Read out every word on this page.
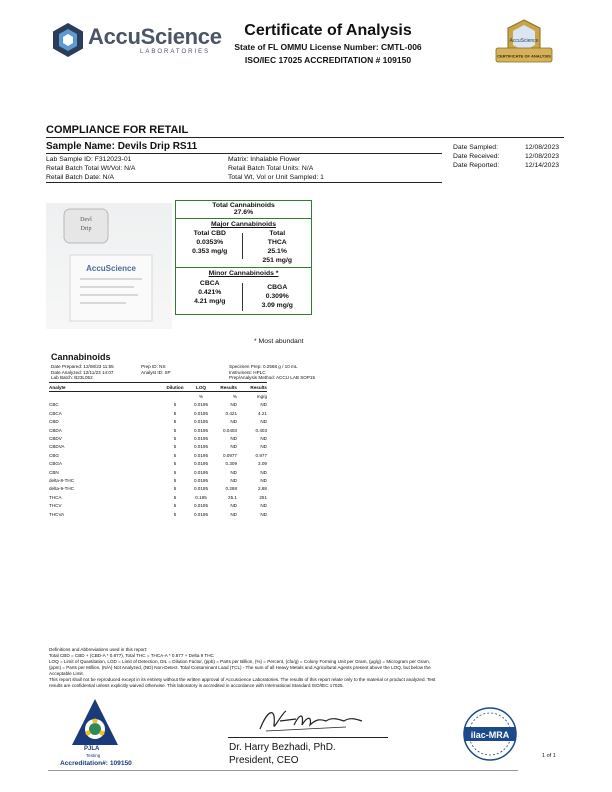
AccuScience
LABORATORIES
Certificate of Analysis
State of FL OMMU License Number: CMTL-006
ISO/IEC 17025 ACCREDITATION # 109150
AccuScience
CERTIFICATE OF ANALYSIS
COMPLIANCE FOR RETAIL
Sample Name: Devils Drip RS11
Lab Sample ID: F312023-01
Retail Batch Total Wt/Vol: N/A
Retail Batch Date: N/A
Matrix: Inhalable Flower
Retail Batch Total Units: N/A
Total Wt, Vol or Unit Sampled: 1
Date Sampled:	12/08/2023
Date Received:	12/08/2023
Date Reported:	12/14/2023
Devl
Drip
AccuScience
Total Cannabinoids
27.6%
Major Cannabinoids
Total CBD
0.0353%
0.353 mg/g
Total
THCA
25.1%
251 mg/g
Minor Cannabinoids *
CBCA
0.421%
4.21 mg/g
CBGA
0.309%
3.09 mg/g
* Most abundant
Cannabinoids
Date Prepared: 12/08/23 11:55
Date Analyzed: 12/11/23 14:07
Lab Batch: B23L052
Prep ID: NS
Analyst ID: SP
Specimen Prep: 0.2568 g / 10 mL
Instrument: HPLC
Prep/Analysis Method: ACCU LAB SOP15
Analyte	Dilution	LOQ	Results	Results
		%	%	mg/g
CBC	5	0.0195	ND	ND
CBCA	5	0.0195	0.421	4.21
CBD	5	0.0195	ND	ND
CBDA	5	0.0195	0.0403	0.403
CBDV	5	0.0195	ND	ND
CBDVA	5	0.0195	ND	ND
CBG	5	0.0195	0.0977	0.977
CBGA	5	0.0195	0.309	3.09
CBN	5	0.0195	ND	ND
delta-8-THC	5	0.0195	ND	ND
delta-9-THC	5	0.0195	0.288	2.88
THCA	5	0.195	25.1	251
THCV	5	0.0195	ND	ND
THCVA	5	0.0195	ND	ND
Definitions and Abbreviations used in this report:
Total CBD = CBD + (CBD-A * 0.877), Total THC = THCA-A * 0.877 + Delta 9 THC
LOQ = Limit of Quantitation, LOD = Limit of Detection, DIL = Dilution Factor, (ppb) = Parts per Billion, (%) = Percent, (cfu/g) = Colony Forming Unit per Gram, (μg/g) = Microgram per Gram,
(ppm) = Parts per Million, (N/A) Not Analyzed, (ND) Non-Detect. Total Contaminant Load (TCL) - The sum of all Heavy Metals and Agricultural Agents present above the LOQ, but below the
Acceptable Limit.
This report shall not be reproduced except in its entirety without the written approval of Accuscience Laboratories. The results of this report relate only to the material or product analyzed. Test
results are confidential unless explicitly waived otherwise. This laboratory is accredited in accordance with International Standard ISO/IEC 17025.
PJLA
Testing
Accreditation#: 109150
Dr. Harry Bezhadi, PhD.
President, CEO
ilac-MRA
1 of 1
